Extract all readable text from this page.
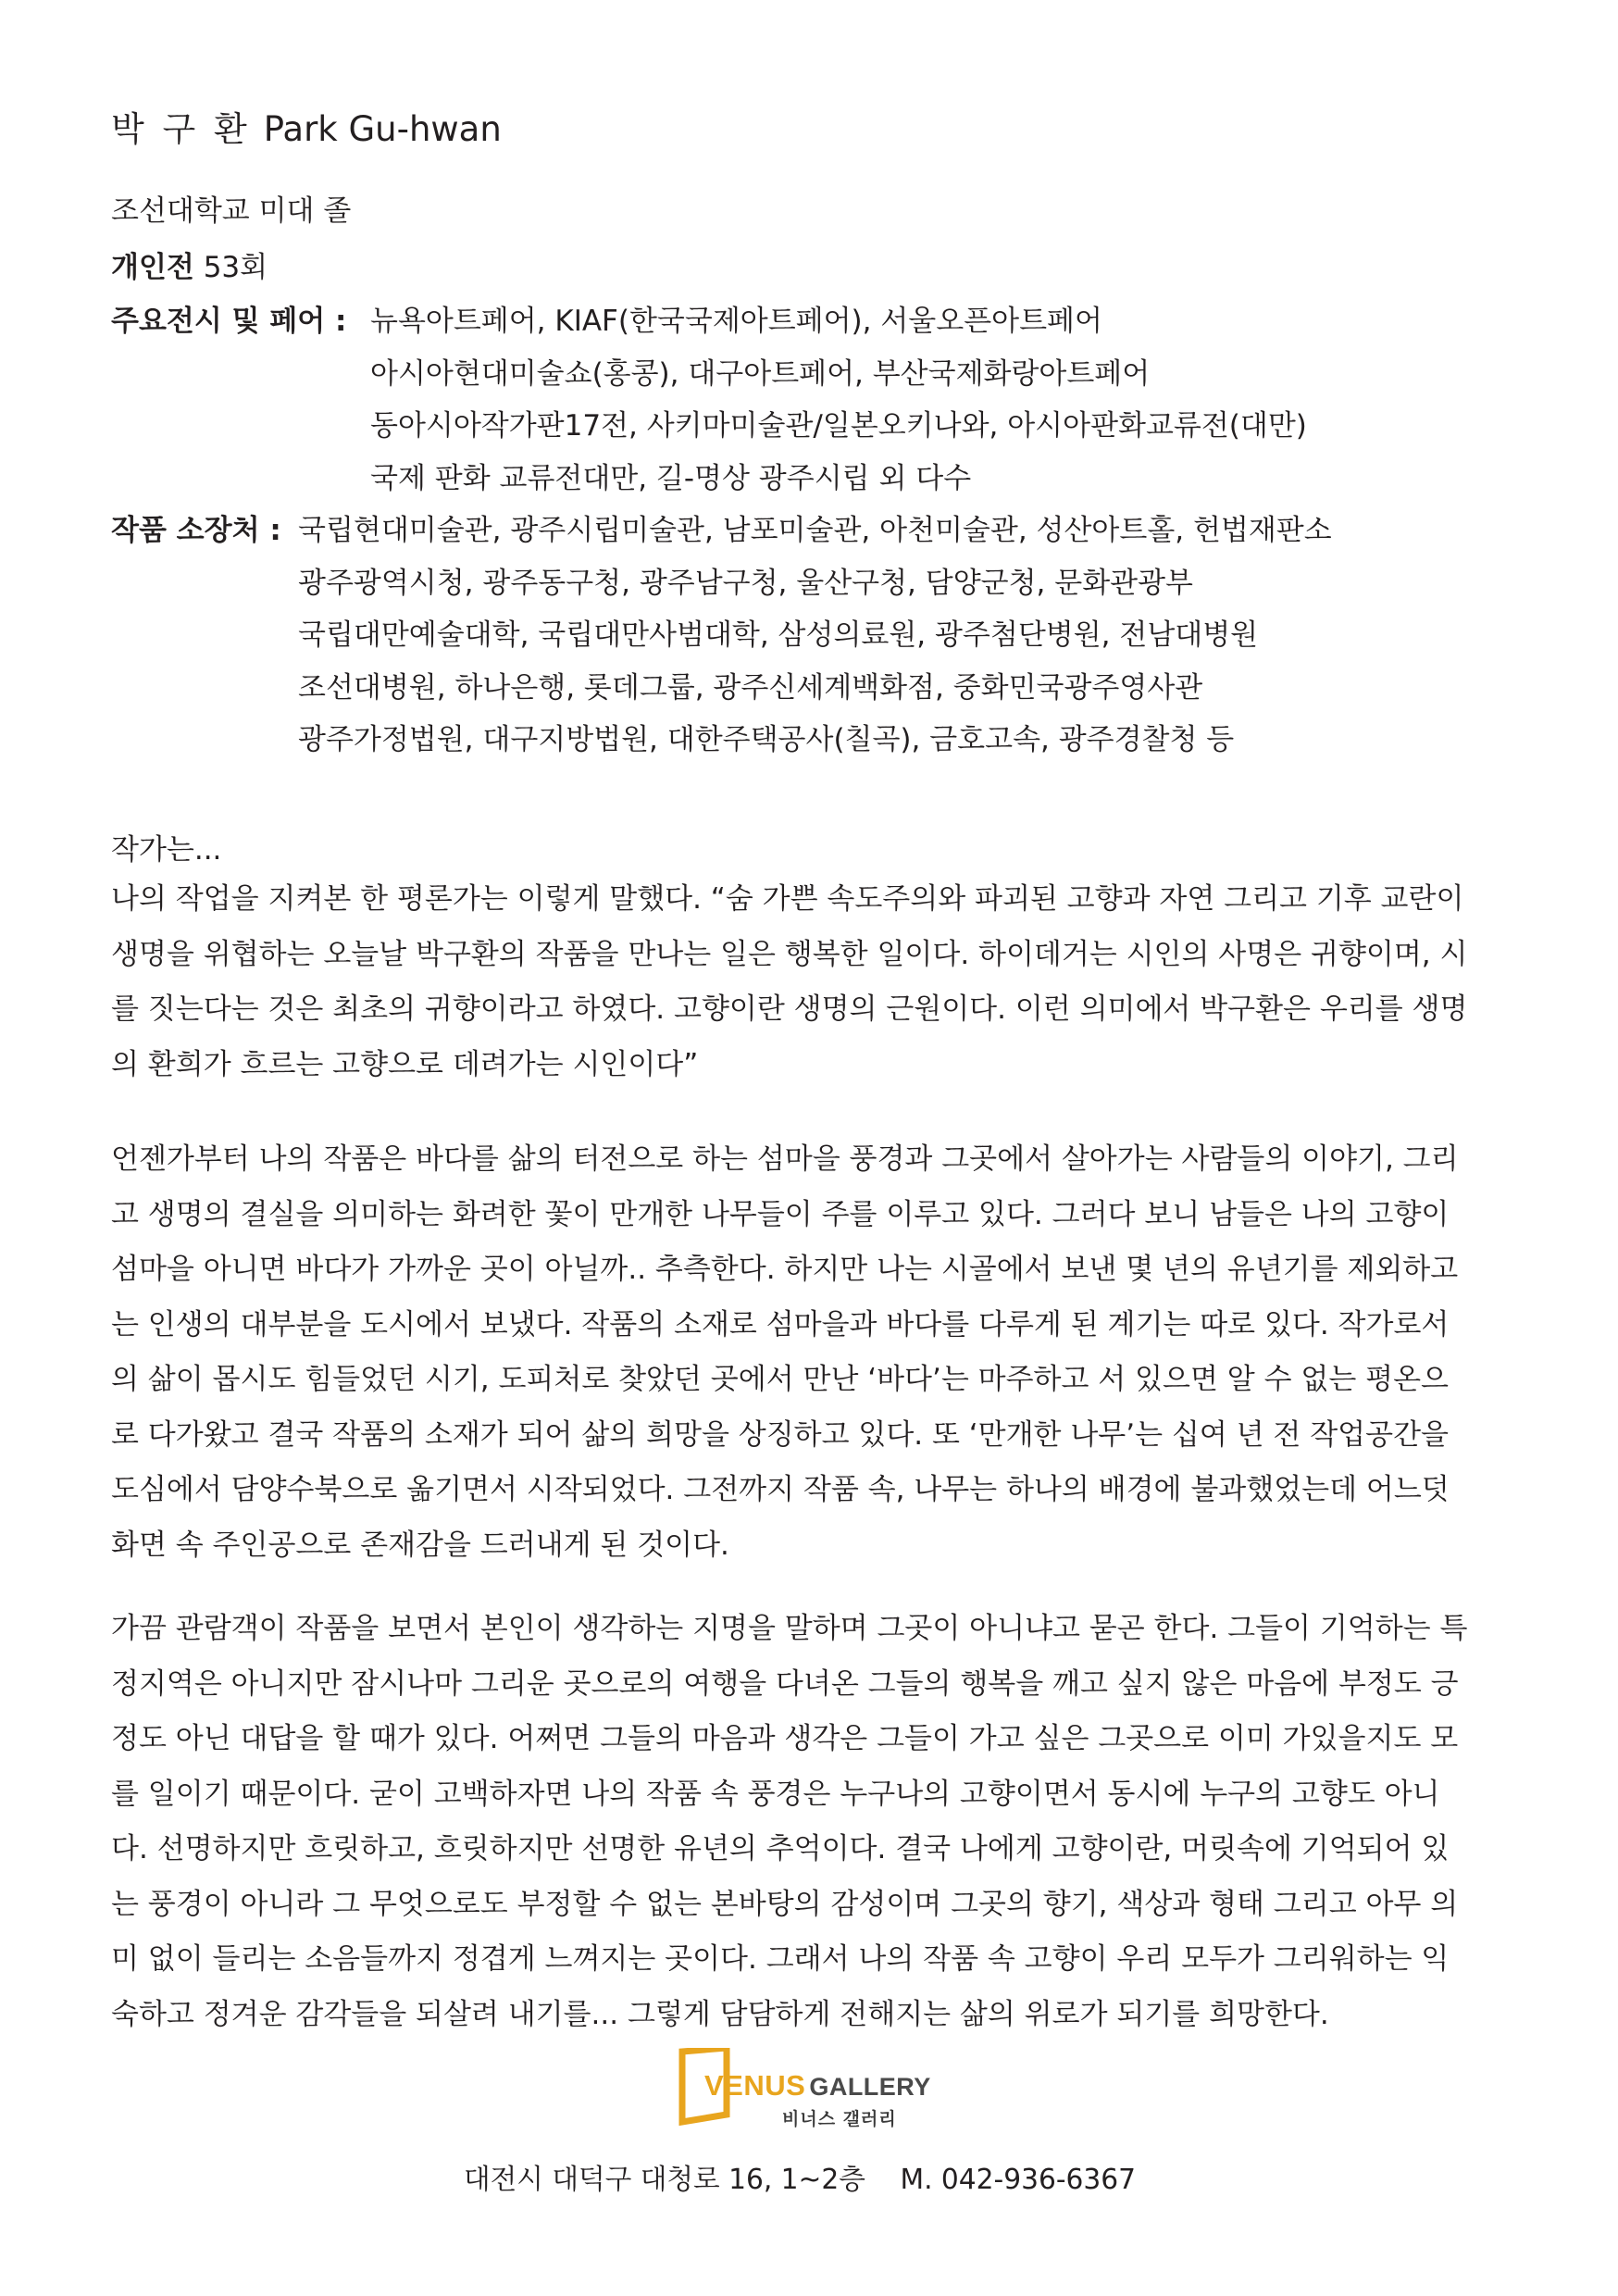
박 구 환 Park Gu-hwan
조선대학교 미대 졸
개인전 53회
주요전시 및 페어 : 뉴욕아트페어, KIAF(한국국제아트페어), 서울오픈아트페어
아시아현대미술쇼(홍콩), 대구아트페어, 부산국제화랑아트페어
동아시아작가판17전, 사키마미술관/일본오키나와, 아시아판화교류전(대만)
국제 판화 교류전대만, 길-명상 광주시립 외 다수
작품 소장처 : 국립현대미술관, 광주시립미술관, 남포미술관, 아천미술관, 성산아트홀, 헌법재판소
광주광역시청, 광주동구청, 광주남구청, 울산구청, 담양군청, 문화관광부
국립대만예술대학, 국립대만사범대학, 삼성의료원, 광주첨단병원, 전남대병원
조선대병원, 하나은행, 롯데그룹, 광주신세계백화점, 중화민국광주영사관
광주가정법원, 대구지방법원, 대한주택공사(칠곡), 금호고속, 광주경찰청 등
작가는...

나의 작업을 지켜본 한 평론가는 이렇게 말했다. “숨 가쁜 속도주의와 파괴된 고향과 자연 그리고 기후 교란이
생명을 위협하는 오늘날 박구환의 작품을 만나는 일은 행복한 일이다. 하이데거는 시인의 사명은 귀향이며, 시
를 짓는다는 것은 최초의 귀향이라고 하였다. 고향이란 생명의 근원이다. 이런 의미에서 박구환은 우리를 생명
의 환희가 흐르는 고향으로 데려가는 시인이다”

언젠가부터 나의 작품은 바다를 삶의 터전으로 하는 섬마을 풍경과 그곳에서 살아가는 사람들의 이야기, 그리
고 생명의 결실을 의미하는 화려한 꽃이 만개한 나무들이 주를 이루고 있다. 그러다 보니 남들은 나의 고향이
섬마을 아니면 바다가 가까운 곳이 아닐까.. 추측한다. 하지만 나는 시골에서 보낸 몇 년의 유년기를 제외하고
는 인생의 대부분을 도시에서 보냈다. 작품의 소재로 섬마을과 바다를 다루게 된 계기는 따로 있다. 작가로서
의 삶이 몹시도 힘들었던 시기, 도피처로 찾았던 곳에서 만난 ‘바다’는 마주하고 서 있으면 알 수 없는 평온으
로 다가왔고 결국 작품의 소재가 되어 삶의 희망을 상징하고 있다. 또 ‘만개한 나무’는 십여 년 전 작업공간을
도심에서 담양수북으로 옮기면서 시작되었다. 그전까지 작품 속, 나무는 하나의 배경에 불과했었는데 어느덧
화면 속 주인공으로 존재감을 드러내게 된 것이다.

가끔 관람객이 작품을 보면서 본인이 생각하는 지명을 말하며 그곳이 아니냐고 묻곤 한다. 그들이 기억하는 특
정지역은 아니지만 잠시나마 그리운 곳으로의 여행을 다녀온 그들의 행복을 깨고 싶지 않은 마음에 부정도 긍
정도 아닌 대답을 할 때가 있다. 어쩌면 그들의 마음과 생각은 그들이 가고 싶은 그곳으로 이미 가있을지도 모
를 일이기 때문이다. 굳이 고백하자면 나의 작품 속 풍경은 누구나의 고향이면서 동시에 누구의 고향도 아니
다. 선명하지만 흐릿하고, 흐릿하지만 선명한 유년의 추억이다. 결국 나에게 고향이란, 머릿속에 기억되어 있
는 풍경이 아니라 그 무엇으로도 부정할 수 없는 본바탕의 감성이며 그곳의 향기, 색상과 형태 그리고 아무 의
미 없이 들리는 소음들까지 정겹게 느껴지는 곳이다. 그래서 나의 작품 속 고향이 우리 모두가 그리워하는 익
숙하고 정겨운 감각들을 되살려 내기를... 그렇게 담담하게 전해지는 삶의 위로가 되기를 희망한다.

VENUS GALLERY
비너스 갤러리
대전시 대덕구 대청로 16, 1~2층 M. 042-936-6367
